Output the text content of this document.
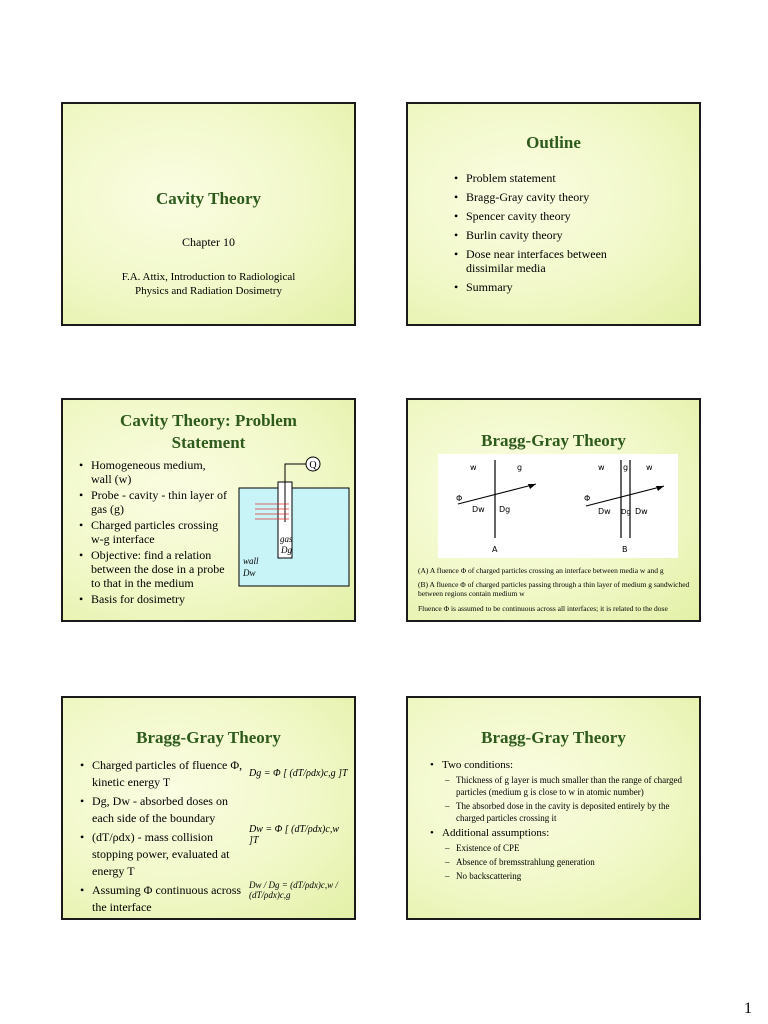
Cavity Theory
Chapter 10
F.A. Attix, Introduction to Radiological
Physics and Radiation Dosimetry
Outline
• Problem statement
• Bragg-Gray cavity theory
• Spencer cavity theory
• Burlin cavity theory
• Dose near interfaces between dissimilar media
• Summary
Cavity Theory: Problem
Statement
• Homogeneous medium, wall (w)
• Probe - cavity - thin layer of gas (g)
• Charged particles crossing w-g interface
• Objective: find a relation between the dose in a probe to that in the medium
• Basis for dosimetry
Q
gas
Dg
wall
Dw
Bragg-Gray Theory
w	g
Φ
Dw Dg
A
w g w
Φ
Dw Dg Dw
B
(A) A fluence Φ of charged particles crossing an interface between media w and g
(B) A fluence Φ of charged particles passing through a thin layer of medium g sandwiched between regions contain medium w
Fluence Φ is assumed to be continuous across all interfaces; it is related to the dose
Bragg-Gray Theory
• Charged particles of fluence Φ, kinetic energy T
• Dg, Dw - absorbed doses on each side of the boundary
• (dT/ρdx) - mass collision stopping power, evaluated at energy T
• Assuming Φ continuous across the interface
Dg = Φ [ (dT/ρdx)c,g ]T
Dw = Φ [ (dT/ρdx)c,w ]T
Dw / Dg = (dT/ρdx)c,w / (dT/ρdx)c,g
Bragg-Gray Theory
• Two conditions:
– Thickness of g layer is much smaller than the range of charged particles (medium g is close to w in atomic number)
– The absorbed dose in the cavity is deposited entirely by the charged particles crossing it
• Additional assumptions:
– Existence of CPE
– Absence of bremsstrahlung generation
– No backscattering
1
